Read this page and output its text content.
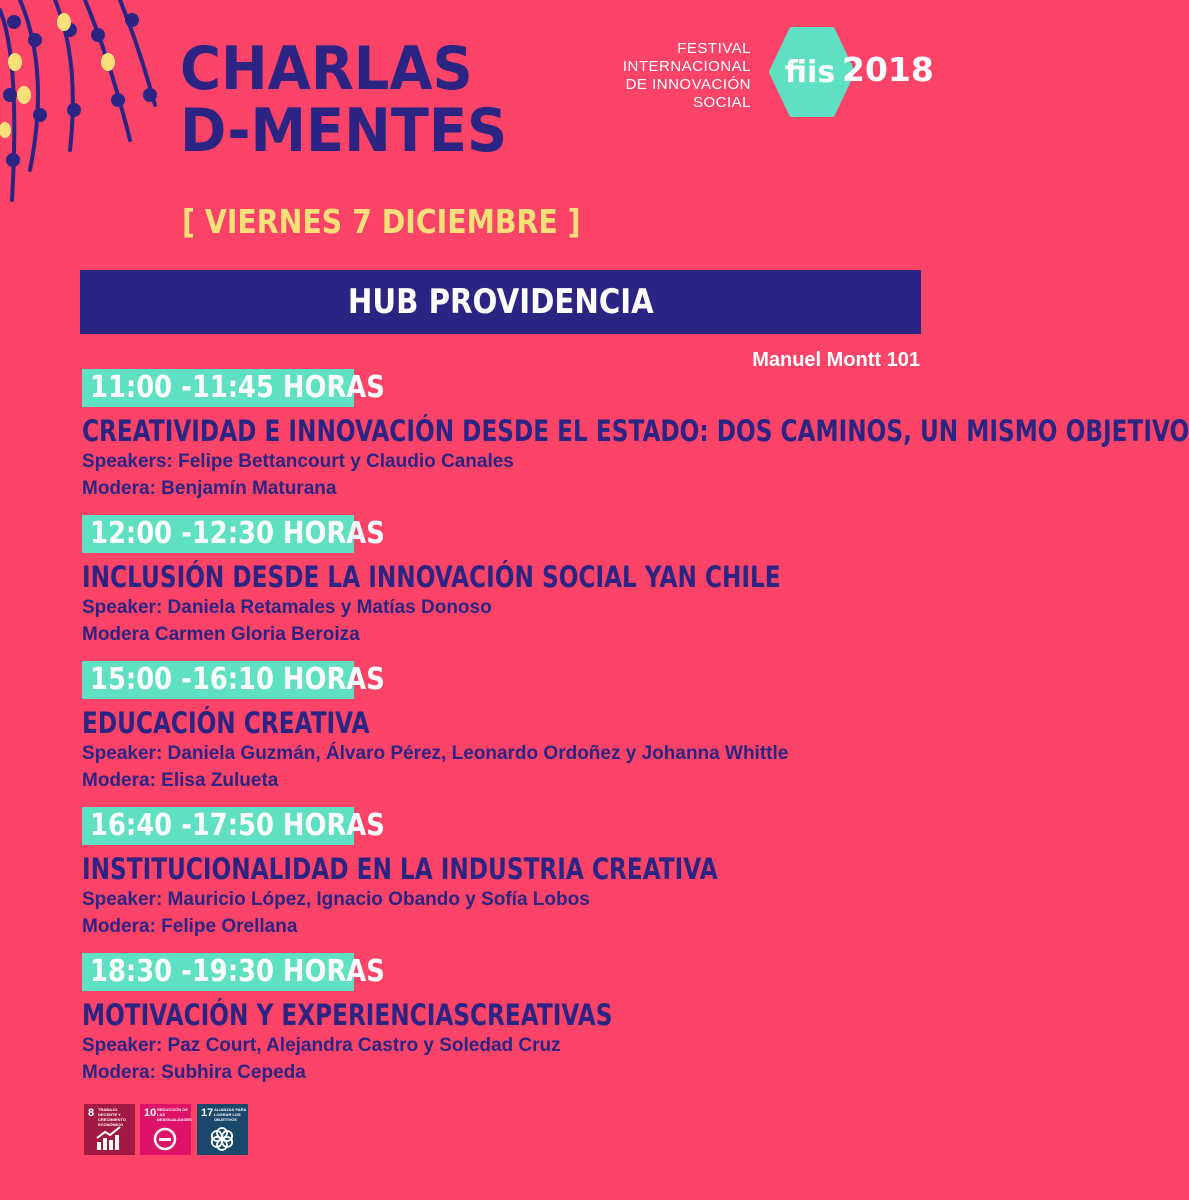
CHARLAS
D-MENTES
[ VIERNES 7 DICIEMBRE ]
FESTIVAL
INTERNACIONAL
DE INNOVACIÓN
SOCIAL
fiis 2018
HUB PROVIDENCIA
Manuel Montt 101
11:00 -11:45 HORAS
CREATIVIDAD E INNOVACIÓN DESDE EL ESTADO: DOS CAMINOS, UN MISMO OBJETIVO
Speakers: Felipe Bettancourt y Claudio Canales
Modera: Benjamín Maturana
12:00 -12:30 HORAS
INCLUSIÓN DESDE LA INNOVACIÓN SOCIAL YAN CHILE
Speaker: Daniela Retamales y Matías Donoso
Modera Carmen Gloria Beroiza
15:00 -16:10 HORAS
EDUCACIÓN CREATIVA
Speaker: Daniela Guzmán, Álvaro Pérez, Leonardo Ordoñez y Johanna Whittle
Modera: Elisa Zulueta
16:40 -17:50 HORAS
INSTITUCIONALIDAD EN LA INDUSTRIA CREATIVA
Speaker: Mauricio López, Ignacio Obando y Sofía Lobos
Modera: Felipe Orellana
18:30 -19:30 HORAS
MOTIVACIÓN Y EXPERIENCIASCREATIVAS
Speaker: Paz Court, Alejandra Castro y Soledad Cruz
Modera: Subhira Cepeda
8 TRABAJO DECENTE Y CRECIMIENTO ECONÓMICO
10 REDUCCIÓN DE LAS DESIGUALDADES
17 ALIANZAS PARA LOGRAR LOS OBJETIVOS
